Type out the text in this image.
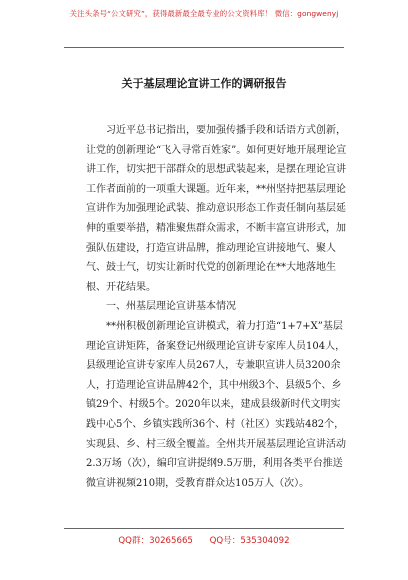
关注头条号“公文研究”，获得最新最全最专业的公文资料库！ 微信：gongwenyj
关于基层理论宣讲工作的调研报告

习近平总书记指出，要加强传播手段和话语方式创新，让党的创新理论“飞入寻常百姓家”。如何更好地开展理论宣讲工作，切实把干部群众的思想武装起来，是摆在理论宣讲工作者面前的一项重大课题。近年来，**州坚持把基层理论宣讲作为加强理论武装、推动意识形态工作责任制向基层延伸的重要举措，精准聚焦群众需求，不断丰富宣讲形式，加强队伍建设，打造宣讲品牌，推动理论宣讲接地气、聚人气、鼓士气，切实让新时代党的创新理论在**大地落地生根、开花结果。

一、州基层理论宣讲基本情况

**州积极创新理论宣讲模式，着力打造“1+7+X”基层理论宣讲矩阵，备案登记州级理论宣讲专家库人员104人，县级理论宣讲专家库人员267人，专兼职宣讲人员3200余人，打造理论宣讲品牌42个，其中州级3个、县级5个、乡镇29个、村级5个。2020年以来，建成县级新时代文明实践中心5个、乡镇实践所36个、村（社区）实践站482个，实现县、乡、村三级全覆盖。全州共开展基层理论宣讲活动2.3万场（次），编印宣讲提纲9.5万册，利用各类平台推送微宣讲视频210期，受教育群众达105万人（次）。

QQ群：30265665 QQ号：535304092
